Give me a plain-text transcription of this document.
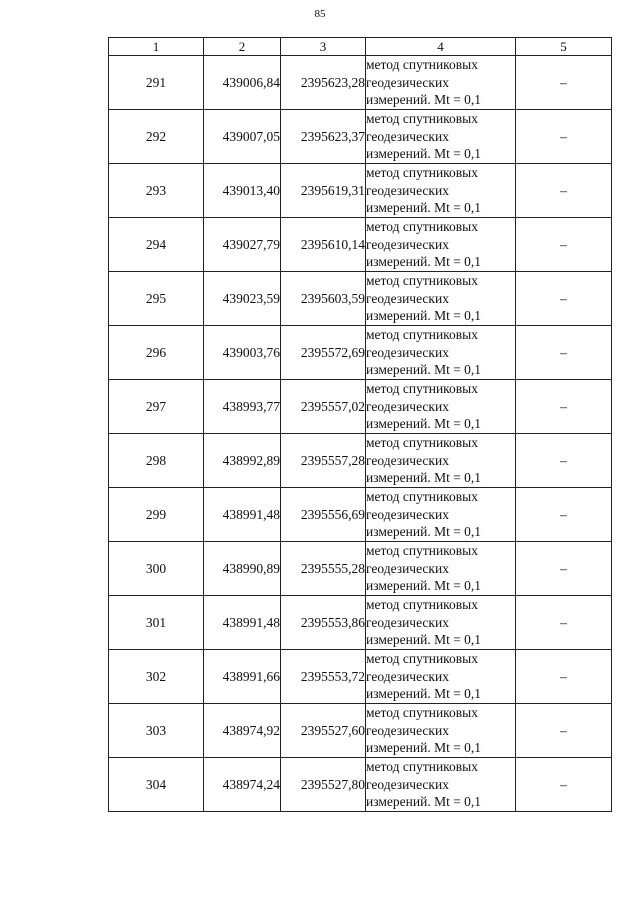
85
1	2	3	4	5
291	439006,84	2395623,28	метод спутниковых
геодезических
измерений. Mt = 0,1	–
292	439007,05	2395623,37	метод спутниковых
геодезических
измерений. Mt = 0,1	–
293	439013,40	2395619,31	метод спутниковых
геодезических
измерений. Mt = 0,1	–
294	439027,79	2395610,14	метод спутниковых
геодезических
измерений. Mt = 0,1	–
295	439023,59	2395603,59	метод спутниковых
геодезических
измерений. Mt = 0,1	–
296	439003,76	2395572,69	метод спутниковых
геодезических
измерений. Mt = 0,1	–
297	438993,77	2395557,02	метод спутниковых
геодезических
измерений. Mt = 0,1	–
298	438992,89	2395557,28	метод спутниковых
геодезических
измерений. Mt = 0,1	–
299	438991,48	2395556,69	метод спутниковых
геодезических
измерений. Mt = 0,1	–
300	438990,89	2395555,28	метод спутниковых
геодезических
измерений. Mt = 0,1	–
301	438991,48	2395553,86	метод спутниковых
геодезических
измерений. Mt = 0,1	–
302	438991,66	2395553,72	метод спутниковых
геодезических
измерений. Mt = 0,1	–
303	438974,92	2395527,60	метод спутниковых
геодезических
измерений. Mt = 0,1	–
304	438974,24	2395527,80	метод спутниковых
геодезических
измерений. Mt = 0,1	–
